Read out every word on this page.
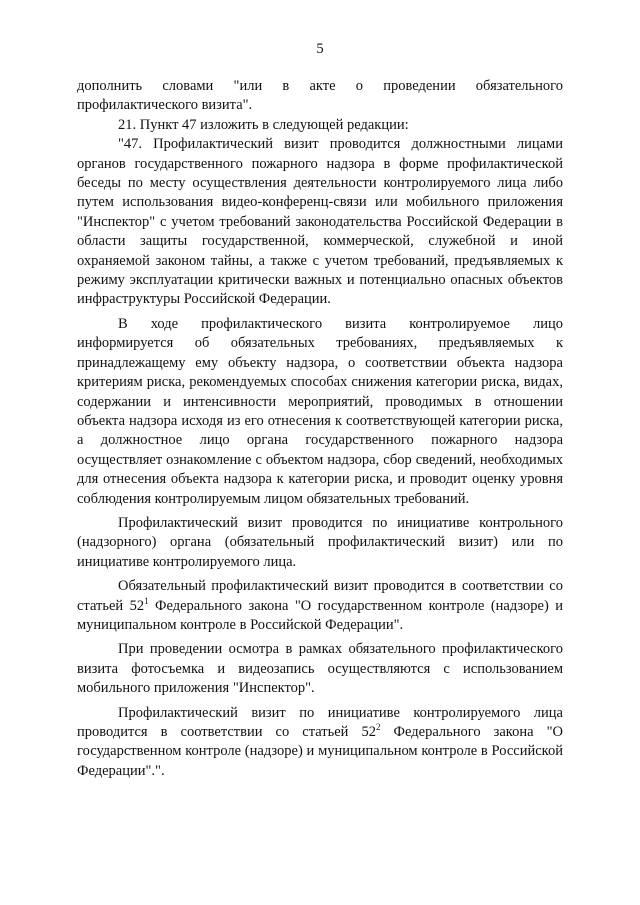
5

дополнить словами "или в акте о проведении обязательного профилактического визита".

21. Пункт 47 изложить в следующей редакции:

"47. Профилактический визит проводится должностными лицами органов государственного пожарного надзора в форме профилактической беседы по месту осуществления деятельности контролируемого лица либо путем использования видео-конференц-связи или мобильного приложения "Инспектор" с учетом требований законодательства Российской Федерации в области защиты государственной, коммерческой, служебной и иной охраняемой законом тайны, а также с учетом требований, предъявляемых к режиму эксплуатации критически важных и потенциально опасных объектов инфраструктуры Российской Федерации.

В ходе профилактического визита контролируемое лицо информируется об обязательных требованиях, предъявляемых к принадлежащему ему объекту надзора, о соответствии объекта надзора критериям риска, рекомендуемых способах снижения категории риска, видах, содержании и интенсивности мероприятий, проводимых в отношении объекта надзора исходя из его отнесения к соответствующей категории риска, а должностное лицо органа государственного пожарного надзора осуществляет ознакомление с объектом надзора, сбор сведений, необходимых для отнесения объекта надзора к категории риска, и проводит оценку уровня соблюдения контролируемым лицом обязательных требований.

Профилактический визит проводится по инициативе контрольного (надзорного) органа (обязательный профилактический визит) или по инициативе контролируемого лица.

Обязательный профилактический визит проводится в соответствии со статьей $52^1$ Федерального закона "О государственном контроле (надзоре) и муниципальном контроле в Российской Федерации".

При проведении осмотра в рамках обязательного профилактического визита фотосъемка и видеозапись осуществляются с использованием мобильного приложения "Инспектор".

Профилактический визит по инициативе контролируемого лица проводится в соответствии со статьей $52^2$ Федерального закона "О государственном контроле (надзоре) и муниципальном контроле в Российской Федерации".".
